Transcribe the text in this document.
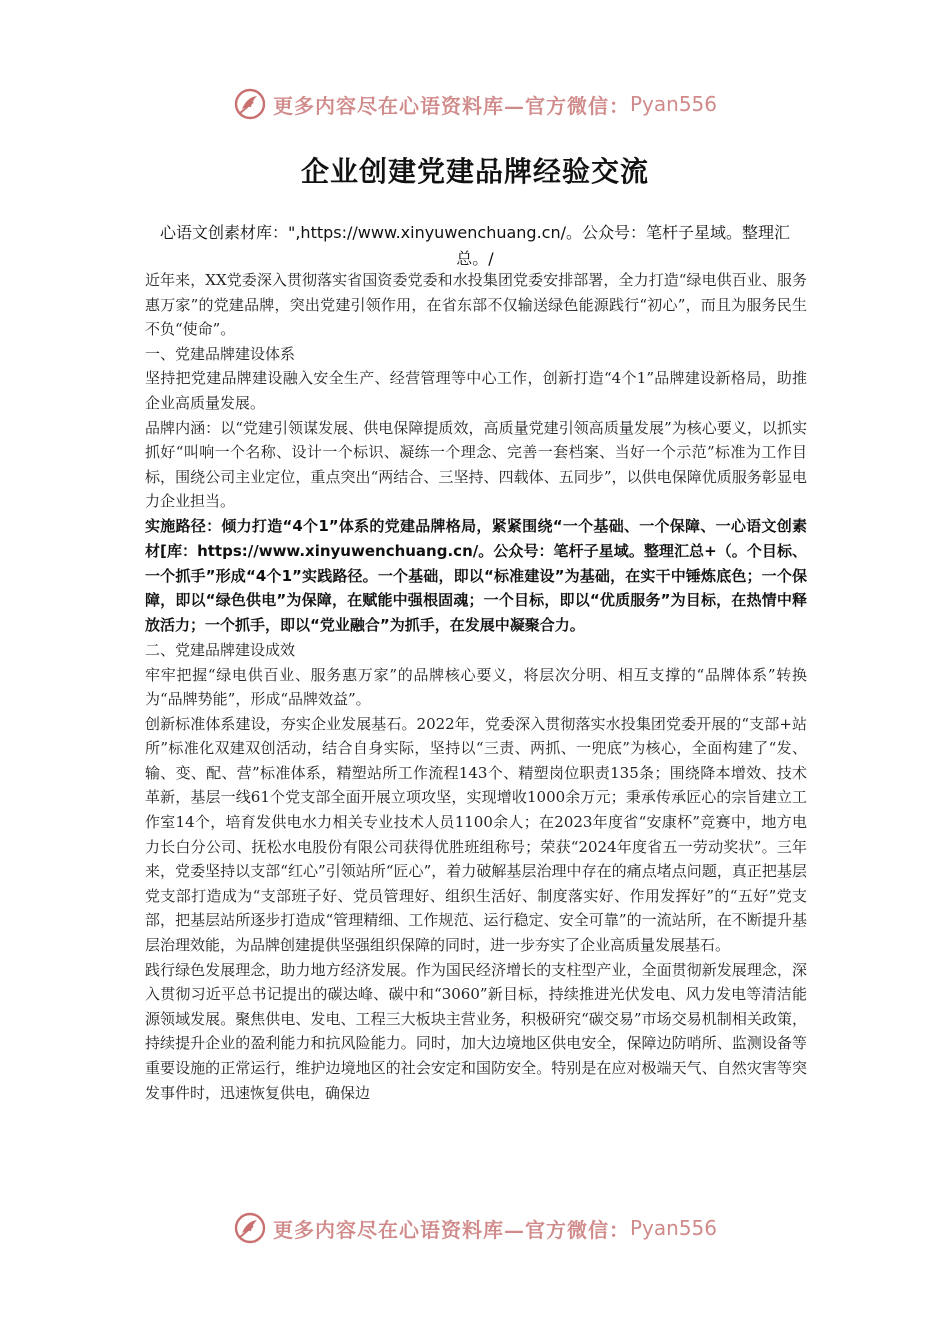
更多内容尽在心语资料库—官方微信： Pyan556
企业创建党建品牌经验交流
心语文创素材库：",https://www.xinyuwenchuang.cn/。公众号：笔杆子星域。整理汇总。/

近年来，XX党委深入贯彻落实省国资委党委和水投集团党委安排部署，全力打造“绿电供百业、服务惠万家”的党建品牌，突出党建引领作用，在省东部不仅输送绿色能源践行“初心”，而且为服务民生不负“使命”。

一、党建品牌建设体系

坚持把党建品牌建设融入安全生产、经营管理等中心工作，创新打造“4个1”品牌建设新格局，助推企业高质量发展。

品牌内涵：以“党建引领谋发展、供电保障提质效，高质量党建引领高质量发展”为核心要义，以抓实抓好“叫响一个名称、设计一个标识、凝练一个理念、完善一套档案、当好一个示范”标准为工作目标，围绕公司主业定位，重点突出“两结合、三坚持、四载体、五同步”，以供电保障优质服务彰显电力企业担当。

实施路径：倾力打造“4个1”体系的党建品牌格局，紧紧围绕“一个基础、一个保障、一心语文创素材[库：https://www.xinyuwenchuang.cn/。公众号：笔杆子星域。整理汇总+（。个目标、一个抓手”形成“4个1”实践路径。一个基础，即以“标准建设”为基础，在实干中锤炼底色；一个保障，即以“绿色供电”为保障，在赋能中强根固魂；一个目标，即以“优质服务”为目标，在热情中释放活力；一个抓手，即以“党业融合”为抓手，在发展中凝聚合力。

二、党建品牌建设成效

牢牢把握“绿电供百业、服务惠万家”的品牌核心要义，将层次分明、相互支撑的“品牌体系”转换为“品牌势能”，形成“品牌效益”。

创新标准体系建设，夯实企业发展基石。2022年，党委深入贯彻落实水投集团党委开展的“支部+站所”标准化双建双创活动，结合自身实际，坚持以“三责、两抓、一兜底”为核心，全面构建了“发、输、变、配、营”标准体系，精塑站所工作流程143个、精塑岗位职责135条；围绕降本增效、技术革新，基层一线61个党支部全面开展立项攻坚，实现增收1000余万元；秉承传承匠心的宗旨建立工作室14个，培育发供电水力相关专业技术人员1100余人；在2023年度省“安康杯”竞赛中，地方电力长白分公司、抚松水电股份有限公司获得优胜班组称号；荣获“2024年度省五一劳动奖状”。三年来，党委坚持以支部“红心”引领站所“匠心”，着力破解基层治理中存在的痛点堵点问题，真正把基层党支部打造成为“支部班子好、党员管理好、组织生活好、制度落实好、作用发挥好”的“五好”党支部，把基层站所逐步打造成“管理精细、工作规范、运行稳定、安全可靠”的一流站所，在不断提升基层治理效能，为品牌创建提供坚强组织保障的同时，进一步夯实了企业高质量发展基石。

践行绿色发展理念，助力地方经济发展。作为国民经济增长的支柱型产业，全面贯彻新发展理念，深入贯彻习近平总书记提出的碳达峰、碳中和“3060”新目标，持续推进光伏发电、风力发电等清洁能源领域发展。聚焦供电、发电、工程三大板块主营业务，积极研究“碳交易”市场交易机制相关政策，持续提升企业的盈利能力和抗风险能力。同时，加大边境地区供电安全，保障边防哨所、监测设备等重要设施的正常运行，维护边境地区的社会安定和国防安全。特别是在应对极端天气、自然灾害等突发事件时，迅速恢复供电，确保边

更多内容尽在心语资料库—官方微信： Pyan556
